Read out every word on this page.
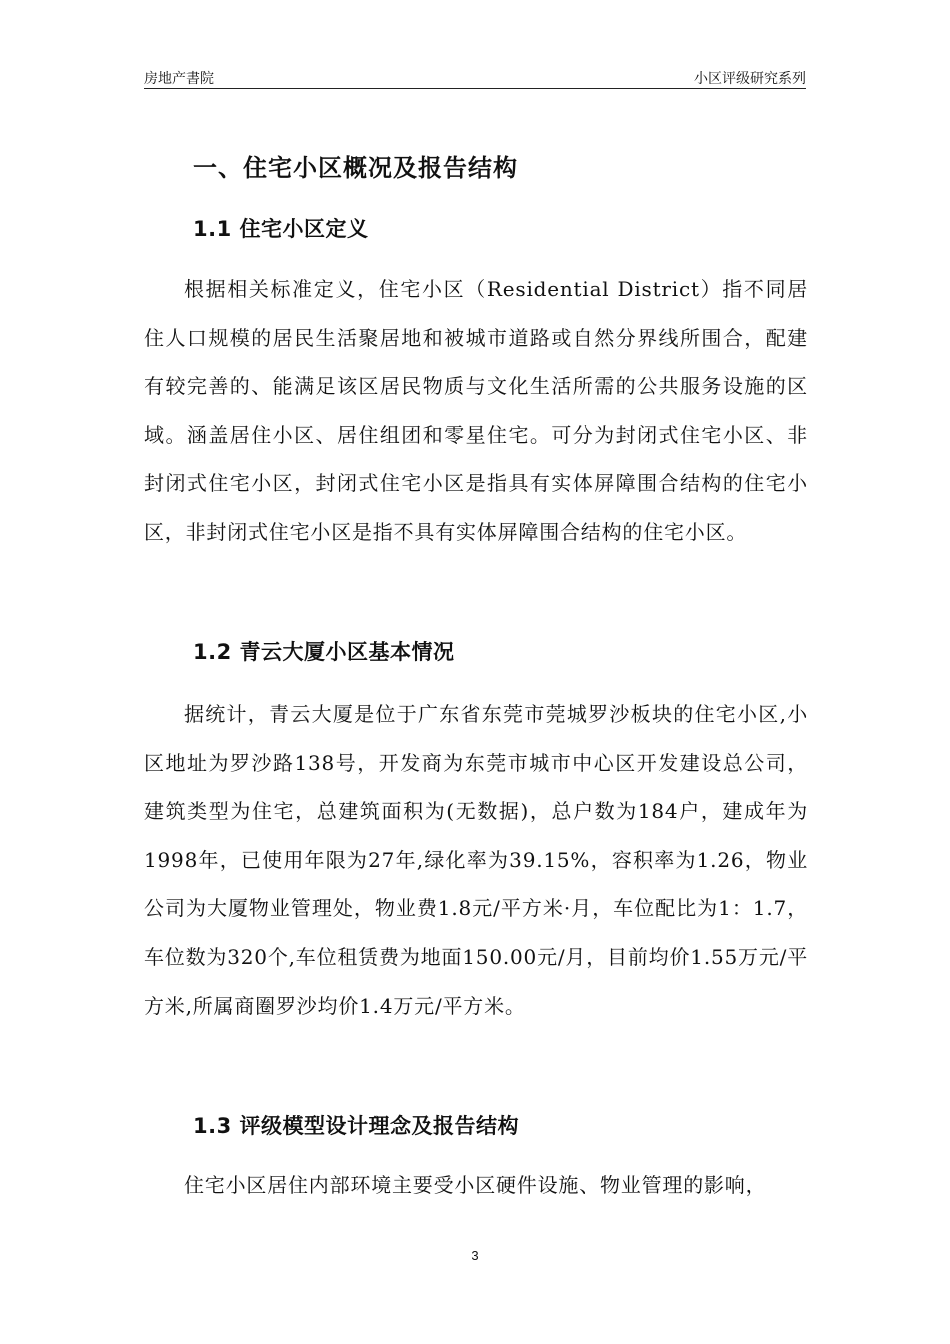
房地产書院	小区评级研究系列
一、住宅小区概况及报告结构
1.1 住宅小区定义

根据相关标准定义，住宅小区（Residential District）指不同居住人口规模的居民生活聚居地和被城市道路或自然分界线所围合，配建有较完善的、能满足该区居民物质与文化生活所需的公共服务设施的区域。涵盖居住小区、居住组团和零星住宅。可分为封闭式住宅小区、非封闭式住宅小区，封闭式住宅小区是指具有实体屏障围合结构的住宅小区，非封闭式住宅小区是指不具有实体屏障围合结构的住宅小区。

1.2 青云大厦小区基本情况

据统计，青云大厦是位于广东省东莞市莞城罗沙板块的住宅小区,小区地址为罗沙路138号，开发商为东莞市城市中心区开发建设总公司，建筑类型为住宅，总建筑面积为(无数据)，总户数为184户，建成年为1998年，已使用年限为27年,绿化率为39.15%，容积率为1.26，物业公司为大厦物业管理处，物业费1.8元/平方米·月，车位配比为1：1.7，车位数为320个,车位租赁费为地面150.00元/月，目前均价1.55万元/平方米,所属商圈罗沙均价1.4万元/平方米。

1.3 评级模型设计理念及报告结构

住宅小区居住内部环境主要受小区硬件设施、物业管理的影响，

3
